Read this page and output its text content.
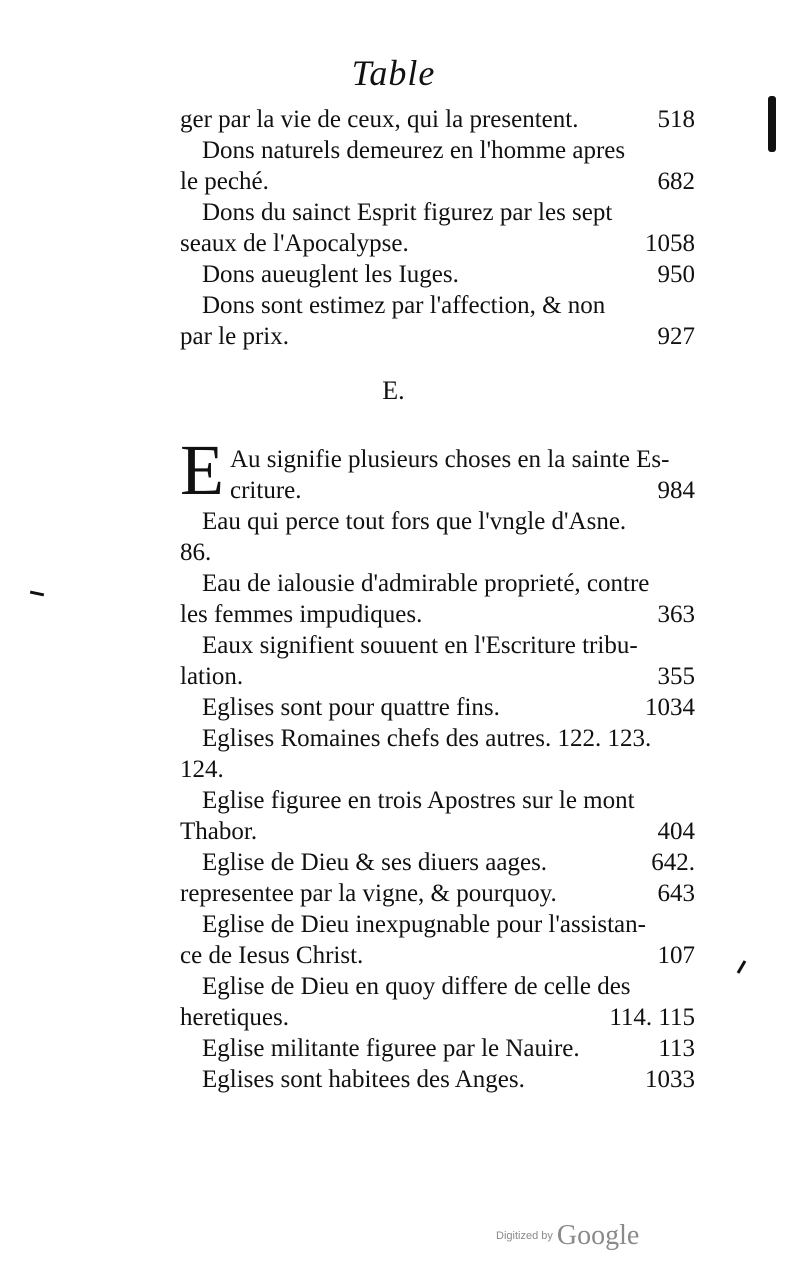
Table
ger par la vie de ceux, qui la presentent.	518
Dons naturels demeurez en l'homme apres
le peché.	682
Dons du sainct Esprit figurez par les sept
seaux de l'Apocalypse.	1058
Dons aueuglent les Iuges.	950
Dons sont estimez par l'affection, & non
par le prix.	927
E.
E Au signifie plusieurs choses en la sainte Es-
criture.	984
Eau qui perce tout fors que l'vngle d'Asne.
86.
Eau de ialousie d'admirable proprieté, contre
les femmes impudiques.	363
Eaux signifient souuent en l'Escriture tribu-
lation.	355
Eglises sont pour quattre fins.	1034
Eglises Romaines chefs des autres. 122. 123.
124.
Eglise figuree en trois Apostres sur le mont
Thabor.	404
Eglise de Dieu & ses diuers aages.	642.
representee par la vigne, & pourquoy.	643
Eglise de Dieu inexpugnable pour l'assistan-
ce de Iesus Christ.	107
Eglise de Dieu en quoy differe de celle des
heretiques.	114. 115
Eglise militante figuree par le Nauire.	113
Eglises sont habitees des Anges.	1033
Digitized by Google
